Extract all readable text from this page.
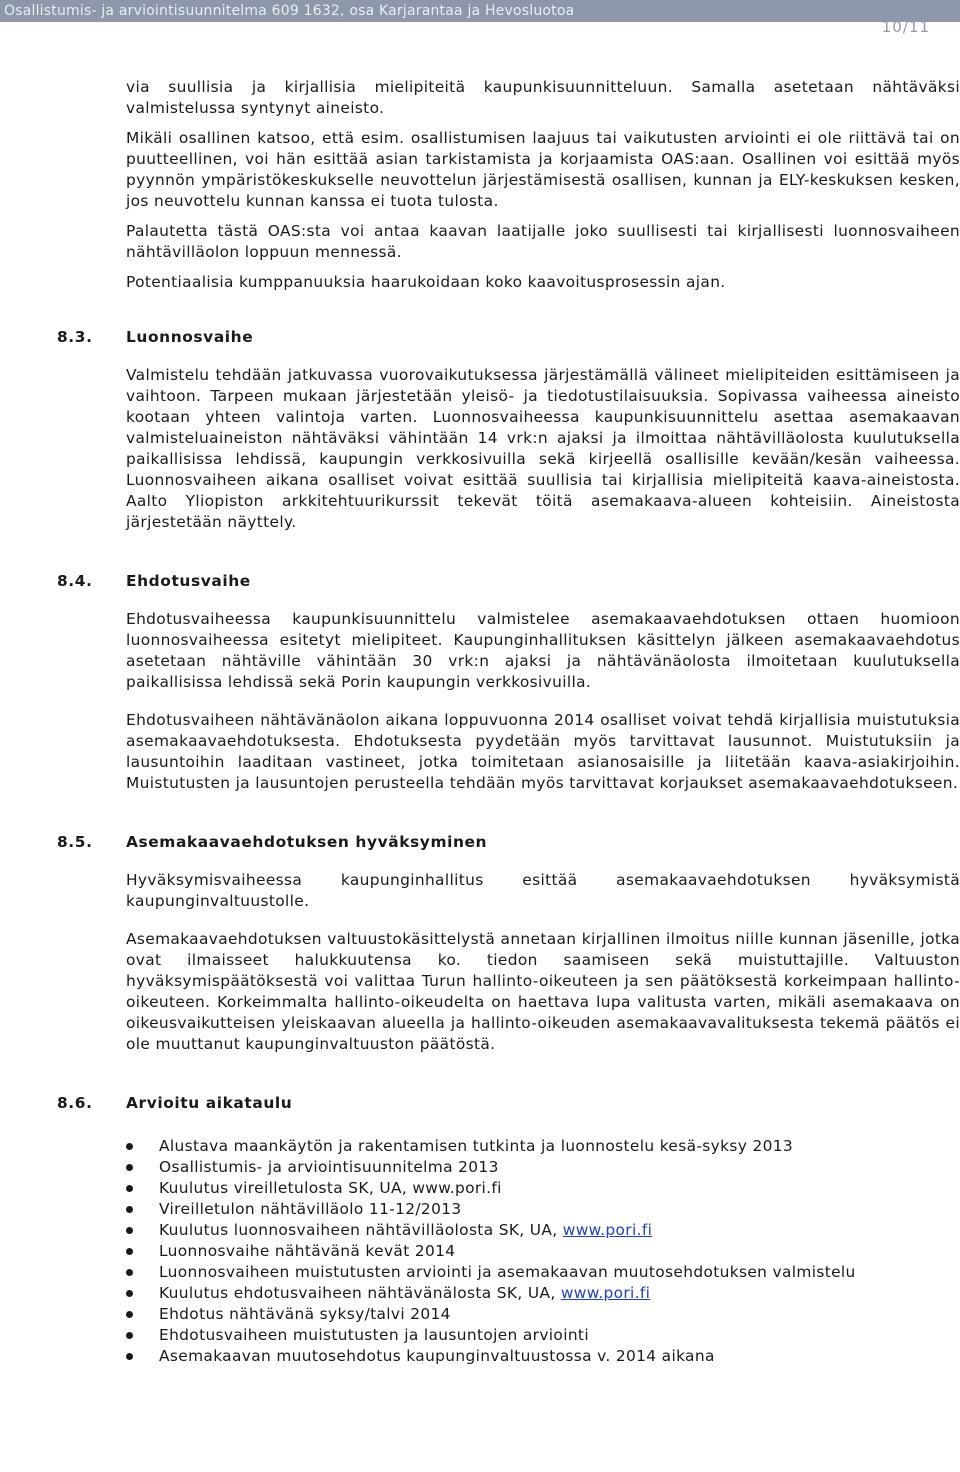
Osallistumis- ja arviointisuunnitelma 609 1632, osa Karjarantaa ja Hevosluotoa
10/11

via suullisia ja kirjallisia mielipiteitä kaupunkisuunnitteluun. Samalla asetetaan nähtäväksi valmistelussa syntynyt aineisto.

Mikäli osallinen katsoo, että esim. osallistumisen laajuus tai vaikutusten arviointi ei ole riittävä tai on puutteellinen, voi hän esittää asian tarkistamista ja korjaamista OAS:aan. Osallinen voi esittää myös pyynnön ympäristökeskukselle neuvottelun järjestämisestä osallisen, kunnan ja ELY-keskuksen kesken, jos neuvottelu kunnan kanssa ei tuota tulosta.

Palautetta tästä OAS:sta voi antaa kaavan laatijalle joko suullisesti tai kirjallisesti luonnosvaiheen nähtävilläolon loppuun mennessä.

Potentiaalisia kumppanuuksia haarukoidaan koko kaavoitusprosessin ajan.

8.3. Luonnosvaihe

Valmistelu tehdään jatkuvassa vuorovaikutuksessa järjestämällä välineet mielipiteiden esittämiseen ja vaihtoon. Tarpeen mukaan järjestetään yleisö- ja tiedotustilaisuuksia. Sopivassa vaiheessa aineisto kootaan yhteen valintoja varten. Luonnosvaiheessa kaupunkisuunnittelu asettaa asemakaavan valmisteluaineiston nähtäväksi vähintään 14 vrk:n ajaksi ja ilmoittaa nähtävilläolosta kuulutuksella paikallisissa lehdissä, kaupungin verkkosivuilla sekä kirjeellä osallisille kevään/kesän vaiheessa. Luonnosvaiheen aikana osalliset voivat esittää suullisia tai kirjallisia mielipiteitä kaava-aineistosta. Aalto Yliopiston arkkitehtuurikurssit tekevät töitä asemakaava-alueen kohteisiin. Aineistosta järjestetään näyttely.

8.4. Ehdotusvaihe

Ehdotusvaiheessa kaupunkisuunnittelu valmistelee asemakaavaehdotuksen ottaen huomioon luonnosvaiheessa esitetyt mielipiteet. Kaupunginhallituksen käsittelyn jälkeen asemakaavaehdotus asetetaan nähtäville vähintään 30 vrk:n ajaksi ja nähtävänäolosta ilmoitetaan kuulutuksella paikallisissa lehdissä sekä Porin kaupungin verkkosivuilla.

Ehdotusvaiheen nähtävänäolon aikana loppuvuonna 2014 osalliset voivat tehdä kirjallisia muistutuksia asemakaavaehdotuksesta. Ehdotuksesta pyydetään myös tarvittavat lausunnot. Muistutuksiin ja lausuntoihin laaditaan vastineet, jotka toimitetaan asianosaisille ja liitetään kaava-asiakirjoihin. Muistutusten ja lausuntojen perusteella tehdään myös tarvittavat korjaukset asemakaavaehdotukseen.

8.5. Asemakaavaehdotuksen hyväksyminen

Hyväksymisvaiheessa kaupunginhallitus esittää asemakaavaehdotuksen hyväksymistä kaupunginvaltuustolle.

Asemakaavaehdotuksen valtuustokäsittelystä annetaan kirjallinen ilmoitus niille kunnan jäsenille, jotka ovat ilmaisseet halukkuutensa ko. tiedon saamiseen sekä muistuttajille. Valtuuston hyväksymispäätöksestä voi valittaa Turun hallinto-oikeuteen ja sen päätöksestä korkeimpaan hallinto-oikeuteen. Korkeimmalta hallinto-oikeudelta on haettava lupa valitusta varten, mikäli asemakaava on oikeusvaikutteisen yleiskaavan alueella ja hallinto-oikeuden asemakaavavalituksesta tekemä päätös ei ole muuttanut kaupunginvaltuuston päätöstä.

8.6. Arvioitu aikataulu
Alustava maankäytön ja rakentamisen tutkinta ja luonnostelu kesä-syksy 2013
Osallistumis- ja arviointisuunnitelma 2013
Kuulutus vireilletulosta SK, UA, www.pori.fi
Vireilletulon nähtävilläolo 11-12/2013
Kuulutus luonnosvaiheen nähtävilläolosta SK, UA, www.pori.fi
Luonnosvaihe nähtävänä kevät 2014
Luonnosvaiheen muistutusten arviointi ja asemakaavan muutosehdotuksen valmistelu
Kuulutus ehdotusvaiheen nähtävänälosta SK, UA, www.pori.fi
Ehdotus nähtävänä syksy/talvi 2014
Ehdotusvaiheen muistutusten ja lausuntojen arviointi
Asemakaavan muutosehdotus kaupunginvaltuustossa v. 2014 aikana
